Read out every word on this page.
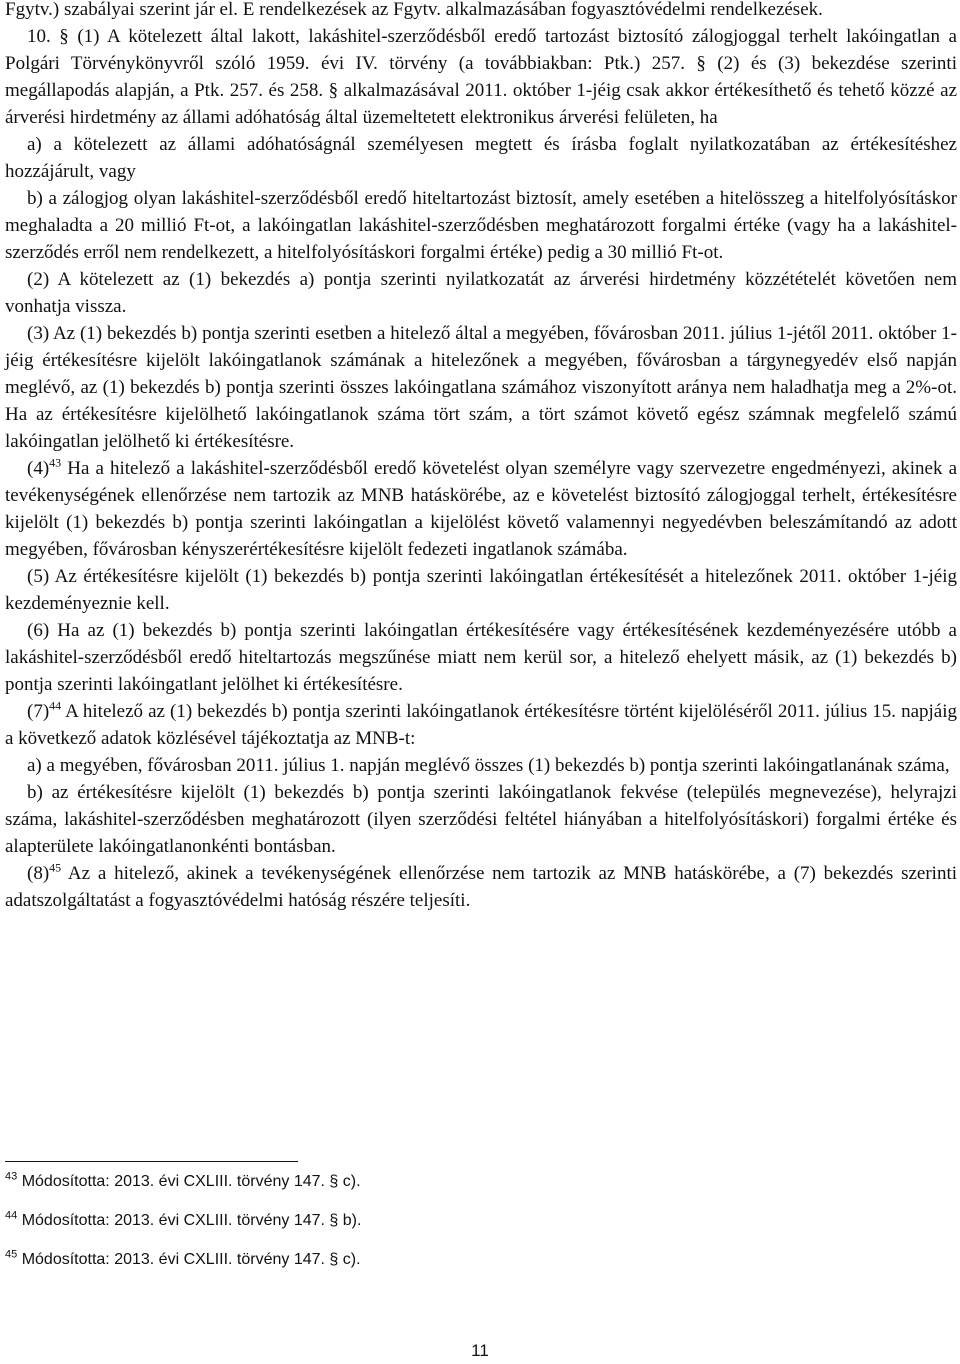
Fgytv.) szabályai szerint jár el. E rendelkezések az Fgytv. alkalmazásában fogyasztóvédelmi rendelkezések.

10. § (1) A kötelezett által lakott, lakáshitel-szerződésből eredő tartozást biztosító zálogjoggal terhelt lakóingatlan a Polgári Törvénykönyvről szóló 1959. évi IV. törvény (a továbbiakban: Ptk.) 257. § (2) és (3) bekezdése szerinti megállapodás alapján, a Ptk. 257. és 258. § alkalmazásával 2011. október 1-jéig csak akkor értékesíthető és tehető közzé az árverési hirdetmény az állami adóhatóság által üzemeltetett elektronikus árverési felületen, ha

a) a kötelezett az állami adóhatóságnál személyesen megtett és írásba foglalt nyilatkozatában az értékesítéshez hozzájárult, vagy

b) a zálogjog olyan lakáshitel-szerződésből eredő hiteltartozást biztosít, amely esetében a hitelösszeg a hitelfolyósításkor meghaladta a 20 millió Ft-ot, a lakóingatlan lakáshitel-szerződésben meghatározott forgalmi értéke (vagy ha a lakáshitel-szerződés erről nem rendelkezett, a hitelfolyósításkori forgalmi értéke) pedig a 30 millió Ft-ot.

(2) A kötelezett az (1) bekezdés a) pontja szerinti nyilatkozatát az árverési hirdetmény közzétételét követően nem vonhatja vissza.

(3) Az (1) bekezdés b) pontja szerinti esetben a hitelező által a megyében, fővárosban 2011. július 1-jétől 2011. október 1-jéig értékesítésre kijelölt lakóingatlanok számának a hitelezőnek a megyében, fővárosban a tárgynegyedév első napján meglévő, az (1) bekezdés b) pontja szerinti összes lakóingatlana számához viszonyított aránya nem haladhatja meg a 2%-ot. Ha az értékesítésre kijelölhető lakóingatlanok száma tört szám, a tört számot követő egész számnak megfelelő számú lakóingatlan jelölhető ki értékesítésre.

$(4)^{43}$ Ha a hitelező a lakáshitel-szerződésből eredő követelést olyan személyre vagy szervezetre engedményezi, akinek a tevékenységének ellenőrzése nem tartozik az MNB hatáskörébe, az e követelést biztosító zálogjoggal terhelt, értékesítésre kijelölt (1) bekezdés b) pontja szerinti lakóingatlan a kijelölést követő valamennyi negyedévben beleszámítandó az adott megyében, fővárosban kényszerértékesítésre kijelölt fedezeti ingatlanok számába.

(5) Az értékesítésre kijelölt (1) bekezdés b) pontja szerinti lakóingatlan értékesítését a hitelezőnek 2011. október 1-jéig kezdeményeznie kell.

(6) Ha az (1) bekezdés b) pontja szerinti lakóingatlan értékesítésére vagy értékesítésének kezdeményezésére utóbb a lakáshitel-szerződésből eredő hiteltartozás megszűnése miatt nem kerül sor, a hitelező ehelyett másik, az (1) bekezdés b) pontja szerinti lakóingatlant jelölhet ki értékesítésre.

$(7)^{44}$ A hitelező az (1) bekezdés b) pontja szerinti lakóingatlanok értékesítésre történt kijelöléséről 2011. július 15. napjáig a következő adatok közlésével tájékoztatja az MNB-t:

a) a megyében, fővárosban 2011. július 1. napján meglévő összes (1) bekezdés b) pontja szerinti lakóingatlanának száma,

b) az értékesítésre kijelölt (1) bekezdés b) pontja szerinti lakóingatlanok fekvése (település megnevezése), helyrajzi száma, lakáshitel-szerződésben meghatározott (ilyen szerződési feltétel hiányában a hitelfolyósításkori) forgalmi értéke és alapterülete lakóingatlanonkénti bontásban.

$(8)^{45}$ Az a hitelező, akinek a tevékenységének ellenőrzése nem tartozik az MNB hatáskörébe, a (7) bekezdés szerinti adatszolgáltatást a fogyasztóvédelmi hatóság részére teljesíti.

$^{43}$ Módosította: 2013. évi CXLIII. törvény 147. § c).

$^{44}$ Módosította: 2013. évi CXLIII. törvény 147. § b).

$^{45}$ Módosította: 2013. évi CXLIII. törvény 147. § c).

11
